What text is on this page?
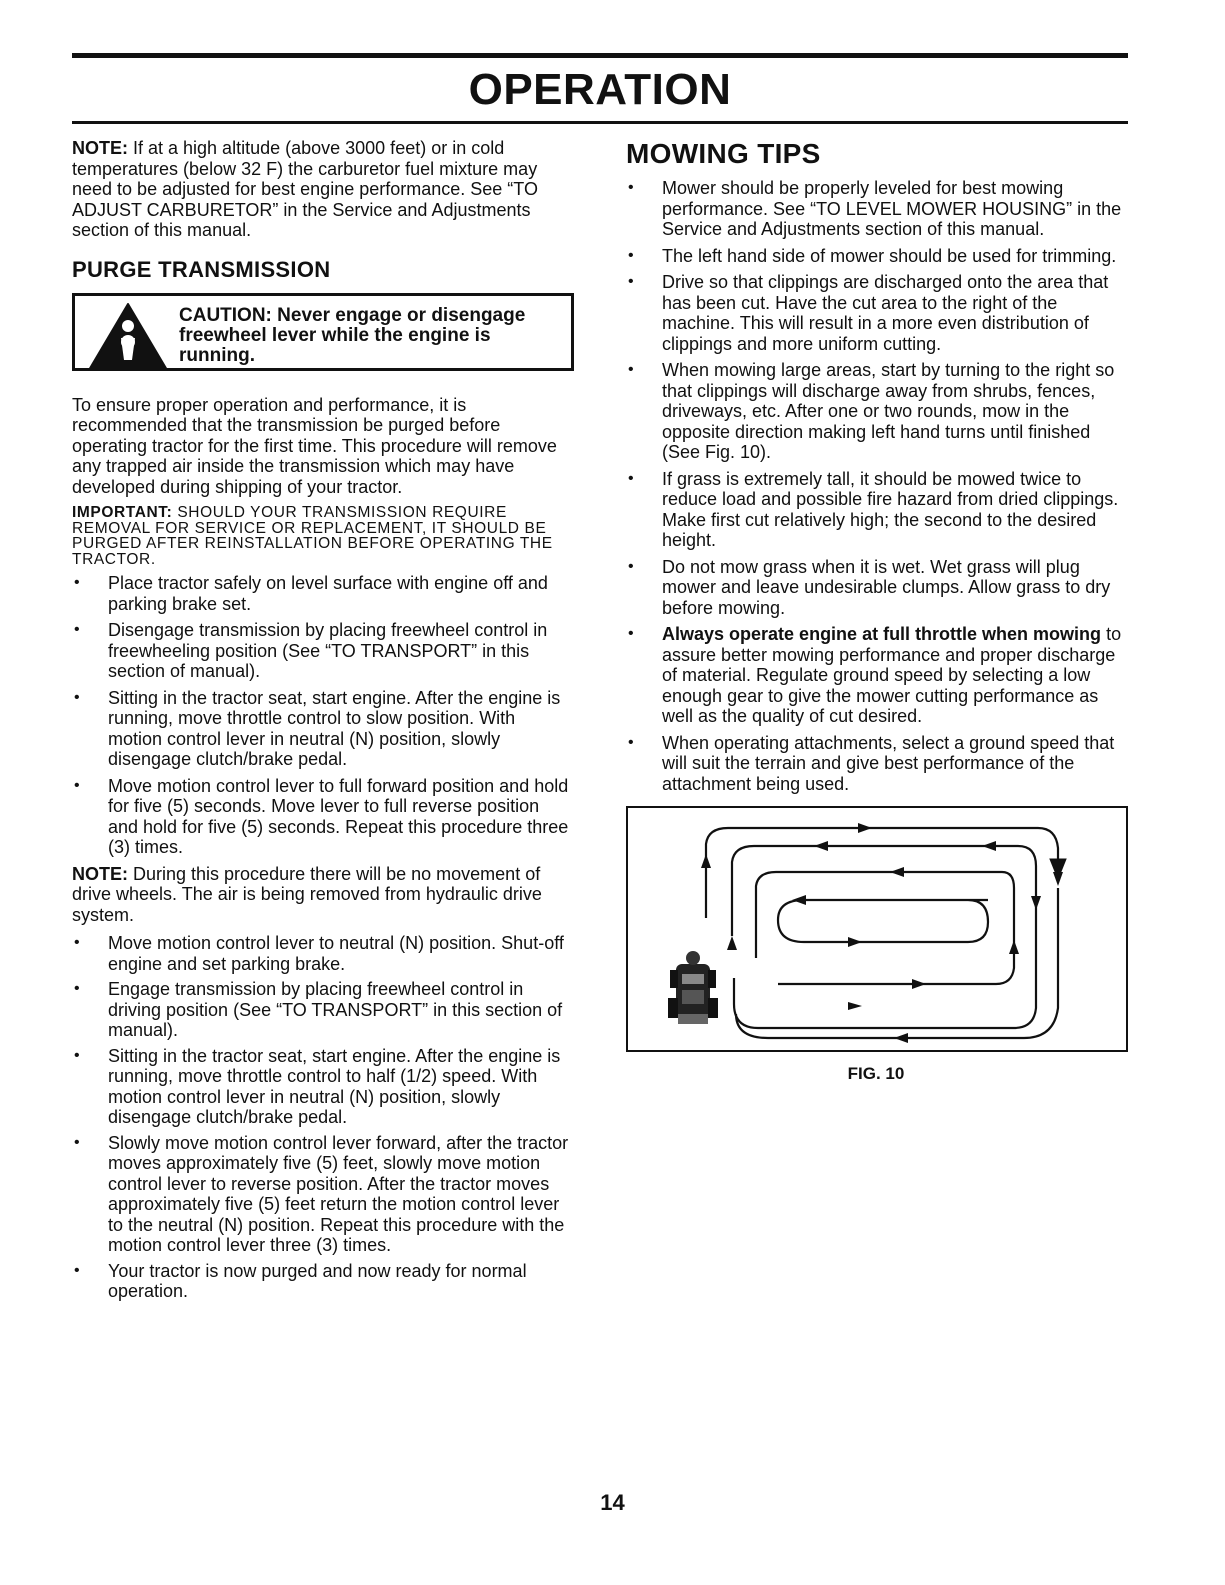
OPERATION

NOTE: If at a high altitude (above 3000 feet) or in cold temperatures (below 32 F) the carburetor fuel mixture may need to be adjusted for best engine performance. See “TO ADJUST CARBURETOR” in the Service and Adjustments section of this manual.

PURGE TRANSMISSION
CAUTION: Never engage or disengage freewheel lever while the engine is running.

To ensure proper operation and performance, it is recommended that the transmission be purged before operating tractor for the first time. This procedure will remove any trapped air inside the transmission which may have developed during shipping of your tractor.

IMPORTANT: SHOULD YOUR TRANSMISSION REQUIRE REMOVAL FOR SERVICE OR REPLACEMENT, IT SHOULD BE PURGED AFTER REINSTALLATION BEFORE OPERATING THE TRACTOR.

• Place tractor safely on level surface with engine off and parking brake set.
• Disengage transmission by placing freewheel control in freewheeling position (See “TO TRANSPORT” in this section of manual).
• Sitting in the tractor seat, start engine. After the engine is running, move throttle control to slow position. With motion control lever in neutral (N) position, slowly disengage clutch/brake pedal.
• Move motion control lever to full forward position and hold for five (5) seconds. Move lever to full reverse position and hold for five (5) seconds. Repeat this procedure three (3) times.

NOTE: During this procedure there will be no movement of drive wheels. The air is being removed from hydraulic drive system.

• Move motion control lever to neutral (N) position. Shut-off engine and set parking brake.
• Engage transmission by placing freewheel control in driving position (See “TO TRANSPORT” in this section of manual).
• Sitting in the tractor seat, start engine. After the engine is running, move throttle control to half (1/2) speed. With motion control lever in neutral (N) position, slowly disengage clutch/brake pedal.
• Slowly move motion control lever forward, after the tractor moves approximately five (5) feet, slowly move motion control lever to reverse position. After the tractor moves approximately five (5) feet return the motion control lever to the neutral (N) position. Repeat this procedure with the motion control lever three (3) times.
• Your tractor is now purged and now ready for normal operation.
MOWING TIPS
• Mower should be properly leveled for best mowing performance. See “TO LEVEL MOWER HOUSING” in the Service and Adjustments section of this manual.
• The left hand side of mower should be used for trimming.
• Drive so that clippings are discharged onto the area that has been cut. Have the cut area to the right of the machine. This will result in a more even distribution of clippings and more uniform cutting.
• When mowing large areas, start by turning to the right so that clippings will discharge away from shrubs, fences, driveways, etc. After one or two rounds, mow in the opposite direction making left hand turns until finished (See Fig. 10).
• If grass is extremely tall, it should be mowed twice to reduce load and possible fire hazard from dried clippings. Make first cut relatively high; the second to the desired height.
• Do not mow grass when it is wet. Wet grass will plug mower and leave undesirable clumps. Allow grass to dry before mowing.
• Always operate engine at full throttle when mowing to assure better mowing performance and proper discharge of material. Regulate ground speed by selecting a low enough gear to give the mower cutting performance as well as the quality of cut desired.
• When operating attachments, select a ground speed that will suit the terrain and give best performance of the attachment being used.
FIG. 10
14
